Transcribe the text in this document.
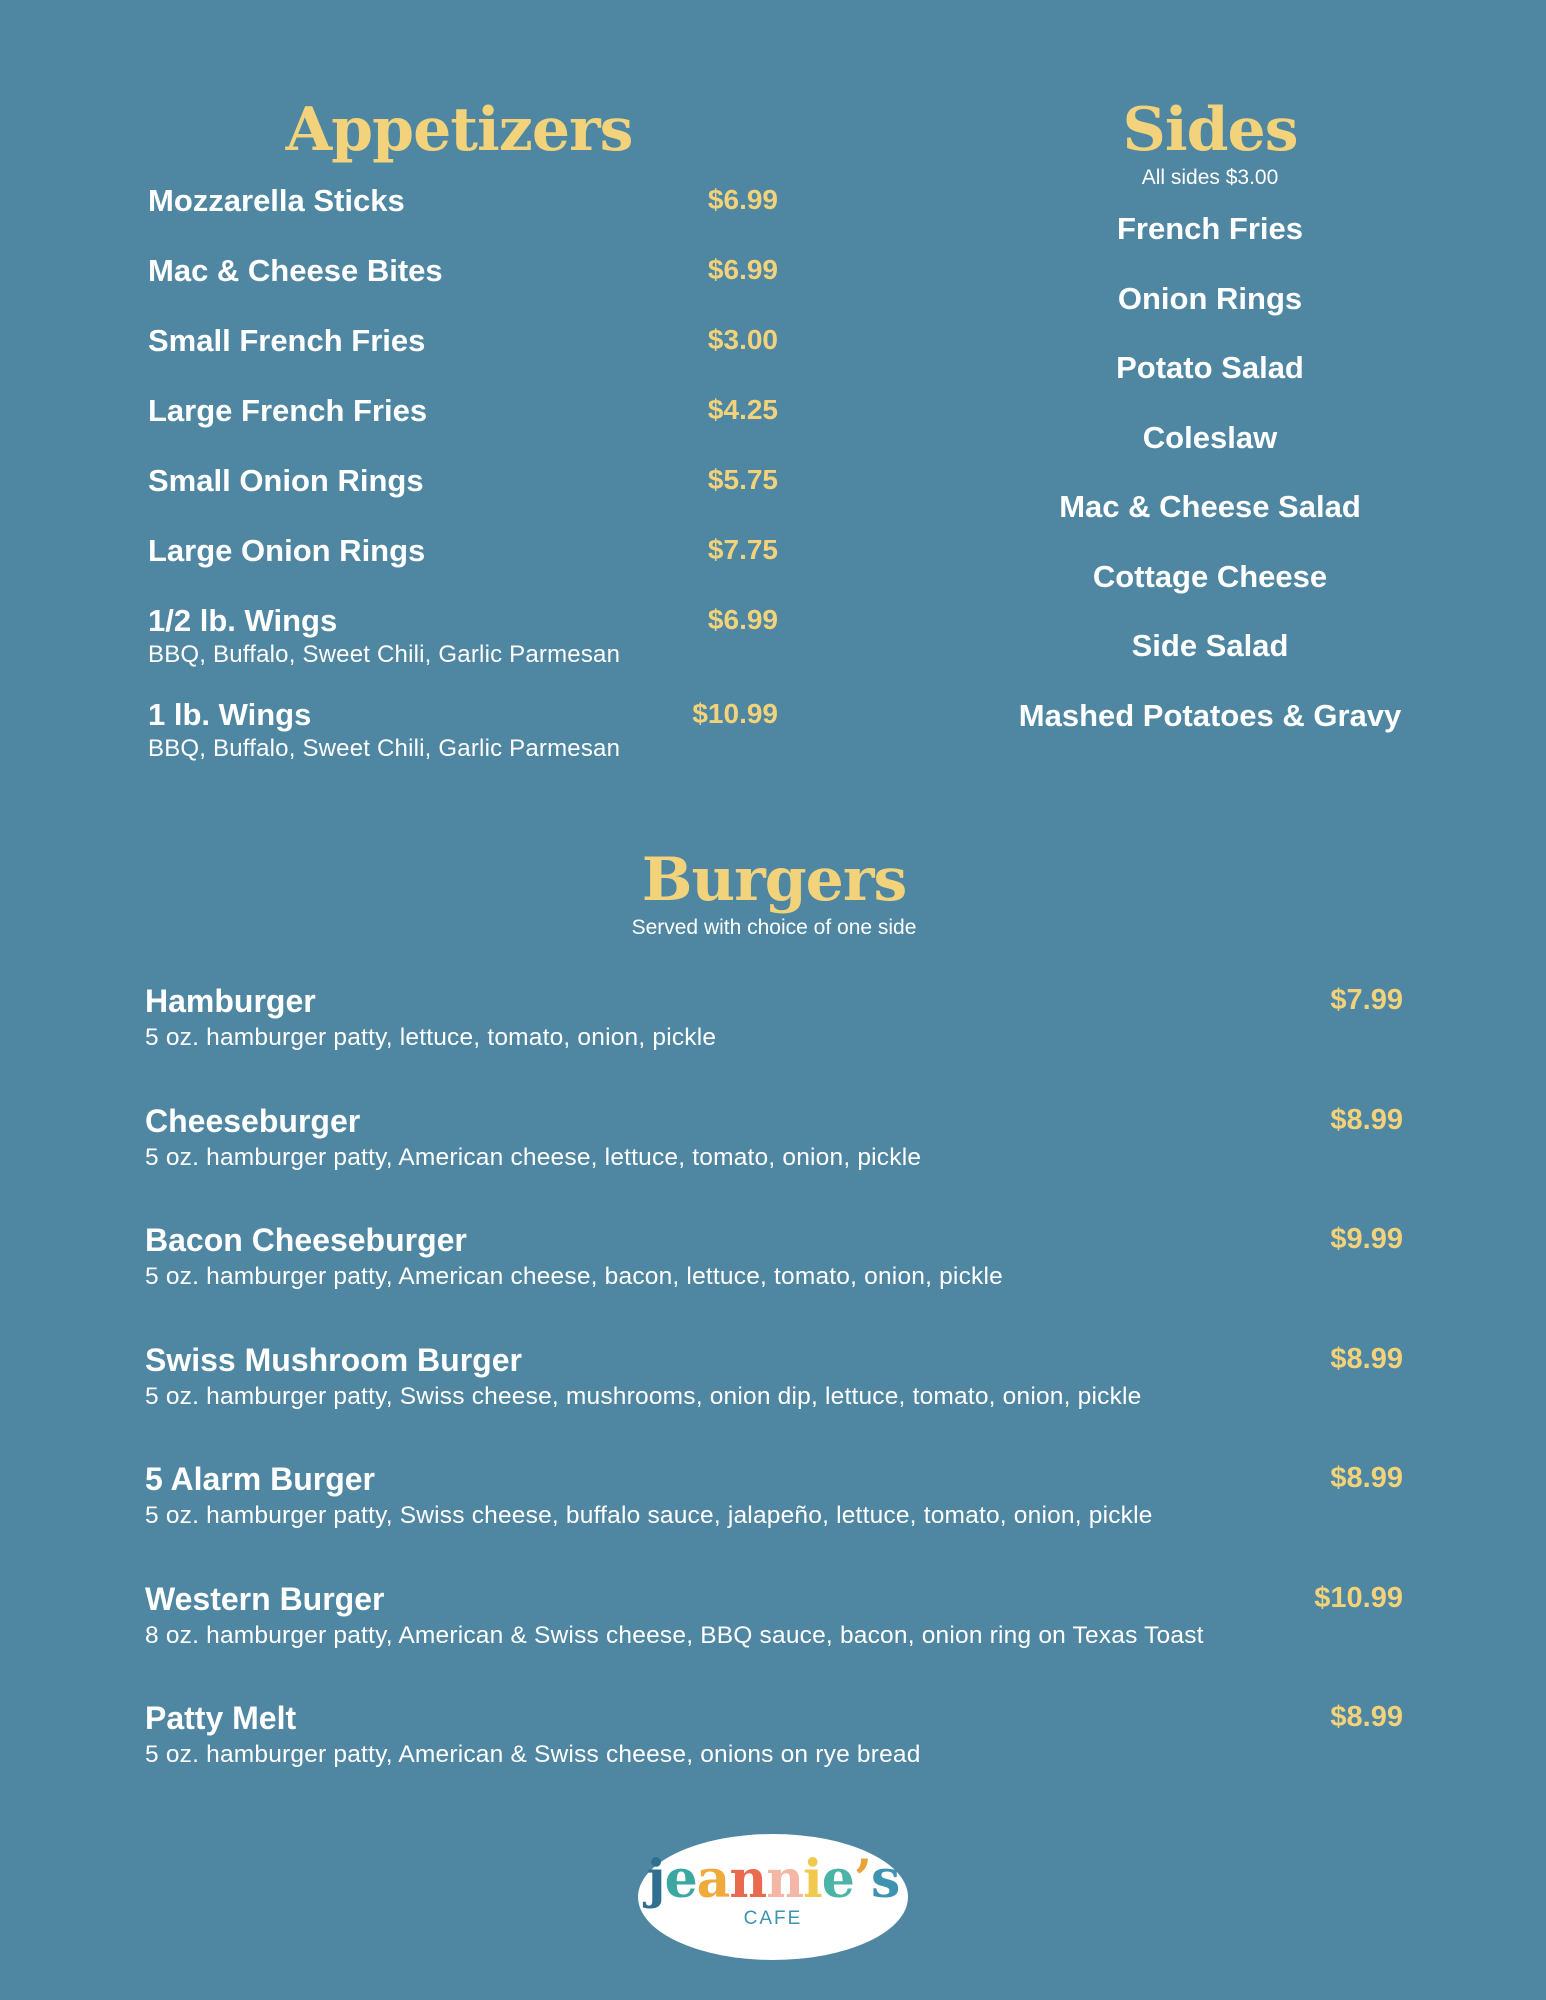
Appetizers
Mozzarella Sticks	$6.99
Mac & Cheese Bites	$6.99
Small French Fries	$3.00
Large French Fries	$4.25
Small Onion Rings	$5.75
Large Onion Rings	$7.75
1/2 lb. Wings	$6.99
BBQ, Buffalo, Sweet Chili, Garlic Parmesan
1 lb. Wings	$10.99
BBQ, Buffalo, Sweet Chili, Garlic Parmesan
Sides
All sides $3.00
French Fries
Onion Rings
Potato Salad
Coleslaw
Mac & Cheese Salad
Cottage Cheese
Side Salad
Mashed Potatoes & Gravy
Burgers
Served with choice of one side
Hamburger	$7.99
5 oz. hamburger patty, lettuce, tomato, onion, pickle
Cheeseburger	$8.99
5 oz. hamburger patty, American cheese, lettuce, tomato, onion, pickle
Bacon Cheeseburger	$9.99
5 oz. hamburger patty, American cheese, bacon, lettuce, tomato, onion, pickle
Swiss Mushroom Burger	$8.99
5 oz. hamburger patty, Swiss cheese, mushrooms, onion dip, lettuce, tomato, onion, pickle
5 Alarm Burger	$8.99
5 oz. hamburger patty, Swiss cheese, buffalo sauce, jalapeño, lettuce, tomato, onion, pickle
Western Burger	$10.99
8 oz. hamburger patty, American & Swiss cheese, BBQ sauce, bacon, onion ring on Texas Toast
Patty Melt	$8.99
5 oz. hamburger patty, American & Swiss cheese, onions on rye bread
jeannie’s
CAFE
